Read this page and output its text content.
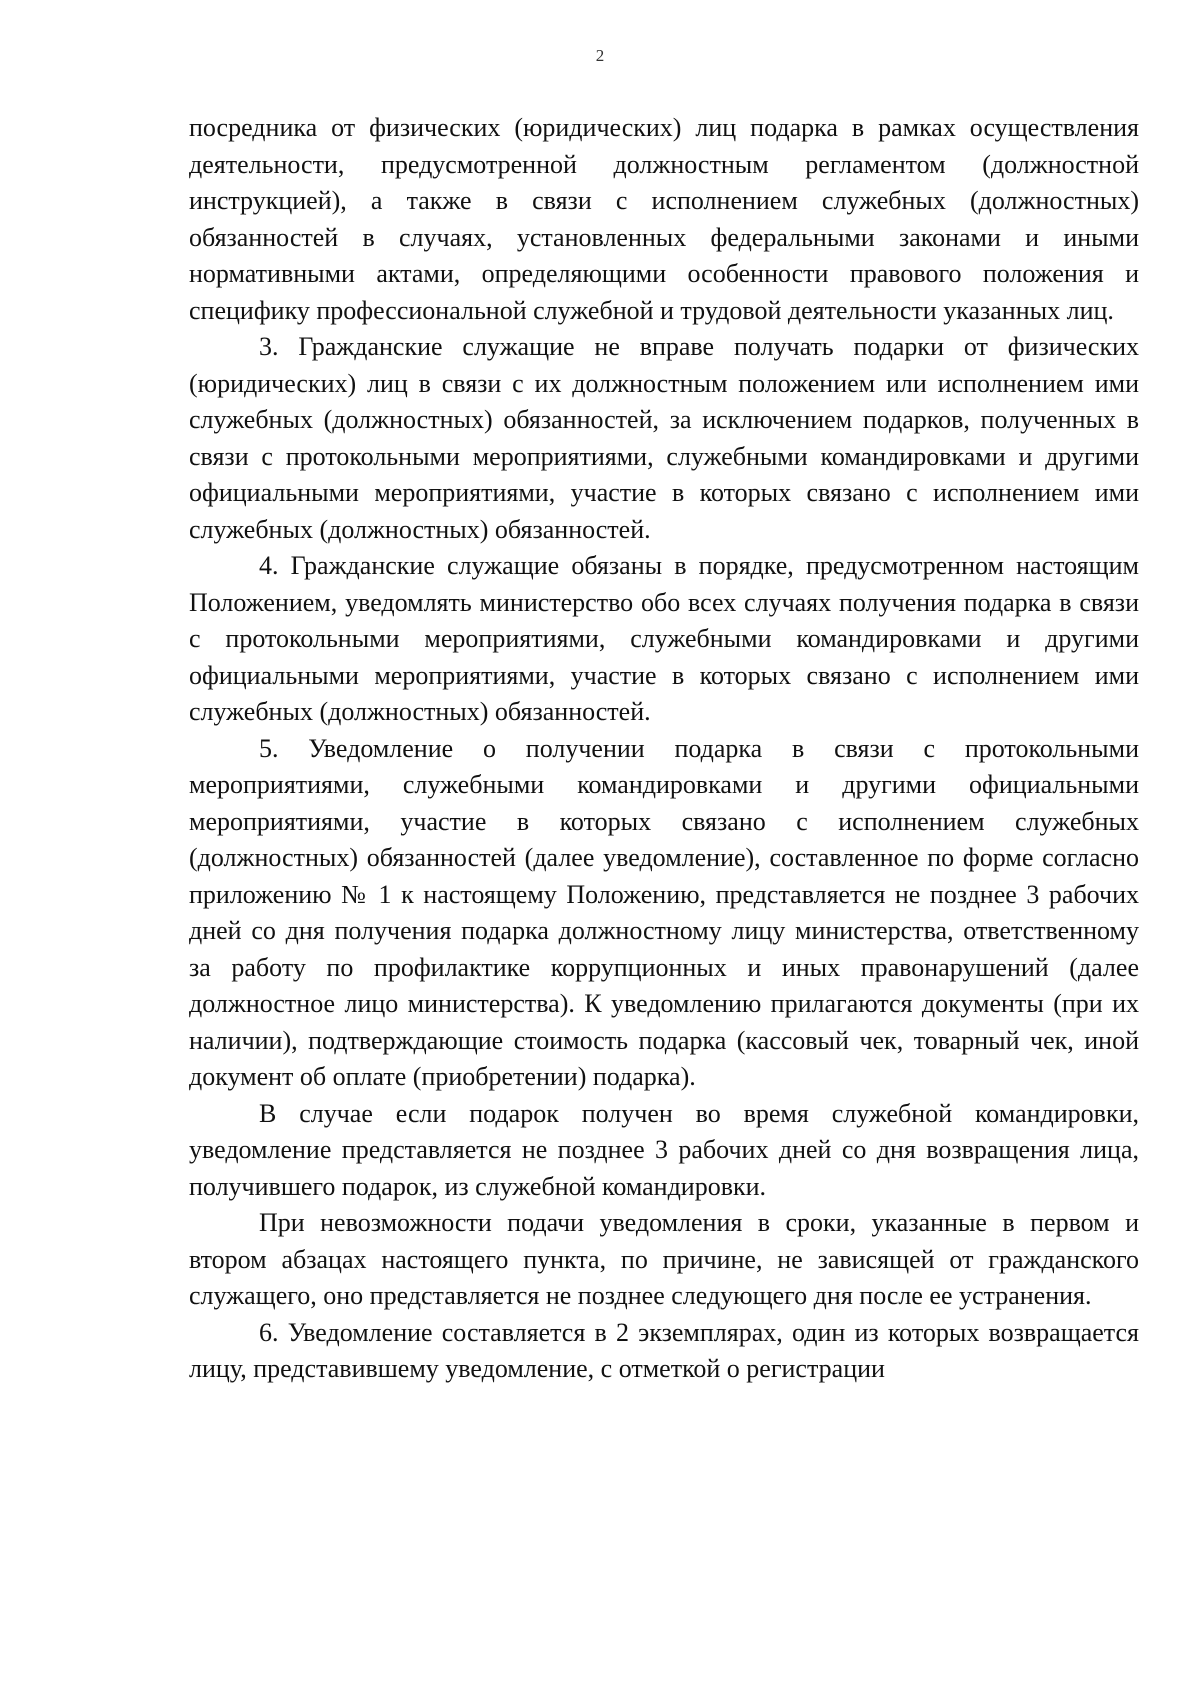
2

посредника от физических (юридических) лиц подарка в рамках осуществления деятельности, предусмотренной должностным регламентом (должностной инструкцией), а также в связи с исполнением служебных (должностных) обязанностей в случаях, установленных федеральными законами и иными нормативными актами, определяющими особенности правового положения и специфику профессиональной служебной и трудовой деятельности указанных лиц.

3. Гражданские служащие не вправе получать подарки от физических (юридических) лиц в связи с их должностным положением или исполнением ими служебных (должностных) обязанностей, за исключением подарков, полученных в связи с протокольными мероприятиями, служебными командировками и другими официальными мероприятиями, участие в которых связано с исполнением ими служебных (должностных) обязанностей.

4. Гражданские служащие обязаны в порядке, предусмотренном настоящим Положением, уведомлять министерство обо всех случаях получения подарка в связи с протокольными мероприятиями, служебными командировками и другими официальными мероприятиями, участие в которых связано с исполнением ими служебных (должностных) обязанностей.

5. Уведомление о получении подарка в связи с протокольными мероприятиями, служебными командировками и другими официальными мероприятиями, участие в которых связано с исполнением служебных (должностных) обязанностей (далее уведомление), составленное по форме согласно приложению № 1 к настоящему Положению, представляется не позднее 3 рабочих дней со дня получения подарка должностному лицу министерства, ответственному за работу по профилактике коррупционных и иных правонарушений (далее должностное лицо министерства). К уведомлению прилагаются документы (при их наличии), подтверждающие стоимость подарка (кассовый чек, товарный чек, иной документ об оплате (приобретении) подарка).

В случае если подарок получен во время служебной командировки, уведомление представляется не позднее 3 рабочих дней со дня возвращения лица, получившего подарок, из служебной командировки.

При невозможности подачи уведомления в сроки, указанные в первом и втором абзацах настоящего пункта, по причине, не зависящей от гражданского служащего, оно представляется не позднее следующего дня после ее устранения.

6. Уведомление составляется в 2 экземплярах, один из которых возвращается лицу, представившему уведомление, с отметкой о регистрации
